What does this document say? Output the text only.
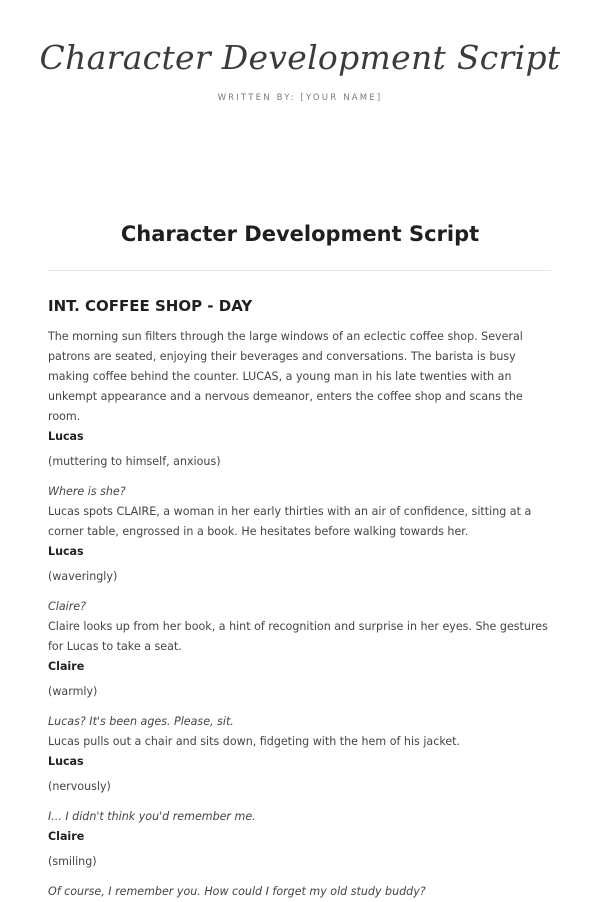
Character Development Script
WRITTEN BY: [YOUR NAME]
Character Development Script
INT. COFFEE SHOP - DAY

The morning sun filters through the large windows of an eclectic coffee shop. Several patrons are seated, enjoying their beverages and conversations. The barista is busy making coffee behind the counter. LUCAS, a young man in his late twenties with an unkempt appearance and a nervous demeanor, enters the coffee shop and scans the room.

Lucas

(muttering to himself, anxious)

Where is she?

Lucas spots CLAIRE, a woman in her early thirties with an air of confidence, sitting at a corner table, engrossed in a book. He hesitates before walking towards her.

Lucas

(waveringly)

Claire?

Claire looks up from her book, a hint of recognition and surprise in her eyes. She gestures for Lucas to take a seat.

Claire

(warmly)

Lucas? It's been ages. Please, sit.

Lucas pulls out a chair and sits down, fidgeting with the hem of his jacket.

Lucas

(nervously)

I... I didn't think you'd remember me.

Claire

(smiling)

Of course, I remember you. How could I forget my old study buddy?
